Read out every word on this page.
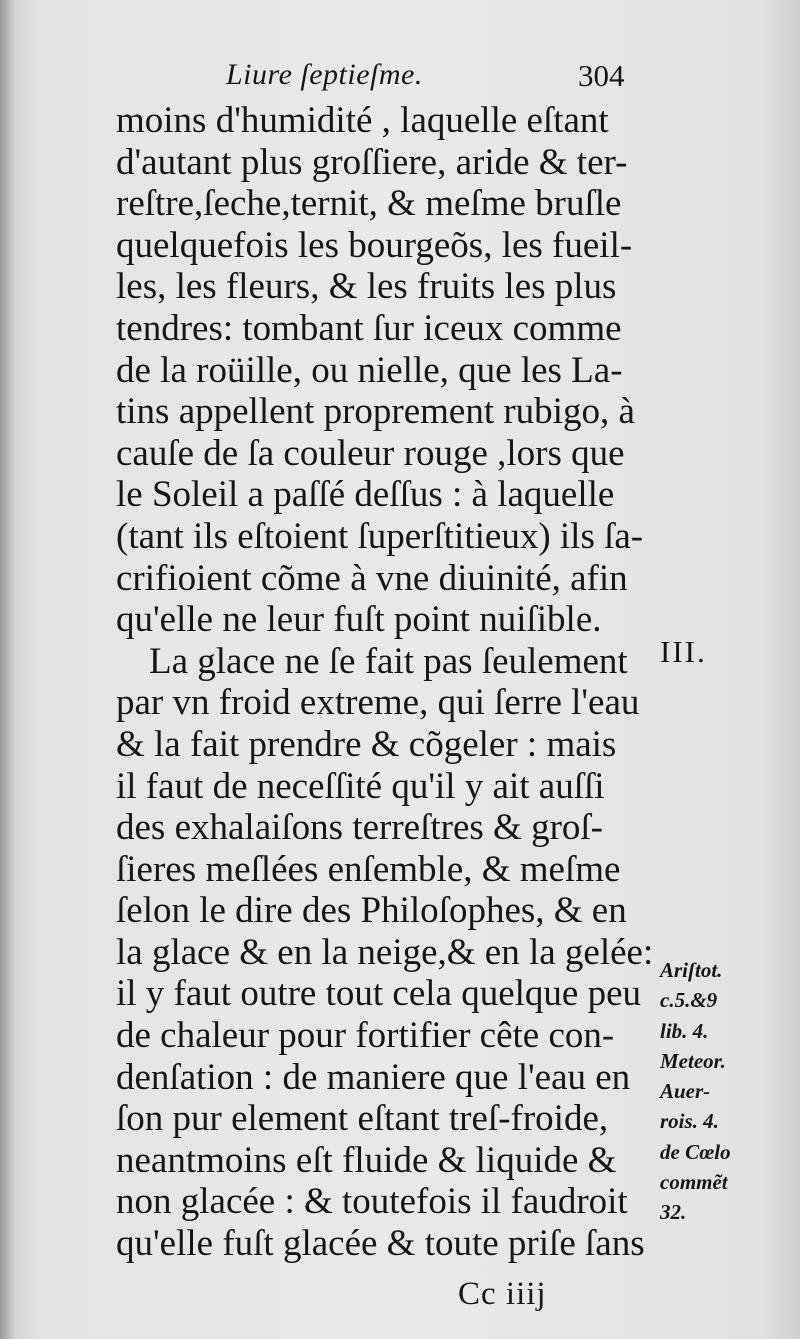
Liure ſeptieſme.	304
moins d'humidité , laquelle eſtant
d'autant plus groſſiere, aride & ter-
reſtre,ſeche,ternit, & meſme bruſle
quelquefois les bourgeõs, les fueil-
les, les fleurs, & les fruits les plus
tendres: tombant ſur iceux comme
de la roüille, ou nielle, que les La-
tins appellent proprement rubigo, à
cauſe de ſa couleur rouge ,lors que
le Soleil a paſſé deſſus : à laquelle
(tant ils eſtoient ſuperſtitieux) ils ſa-
crifioient cõme à vne diuinité, afin
qu'elle ne leur fuſt point nuiſible.
La glace ne ſe fait pas ſeulement
par vn froid extreme, qui ſerre l'eau
& la fait prendre & cõgeler : mais
il faut de neceſſité qu'il y ait auſſi
des exhalaiſons terreſtres & groſ-
ſieres meſlées enſemble, & meſme
ſelon le dire des Philoſophes, & en
la glace & en la neige,& en la gelée:
il y faut outre tout cela quelque peu
de chaleur pour fortifier cête con-
denſation : de maniere que l'eau en
ſon pur element eſtant treſ-froide,
neantmoins eſt fluide & liquide &
non glacée : & toutefois il faudroit
qu'elle fuſt glacée & toute priſe ſans
III.
Ariſtot.
c.5.&9
lib. 4.
Meteor.
Auer-
rois. 4.
de Cœlo
commẽt
32.
Cc iiij
